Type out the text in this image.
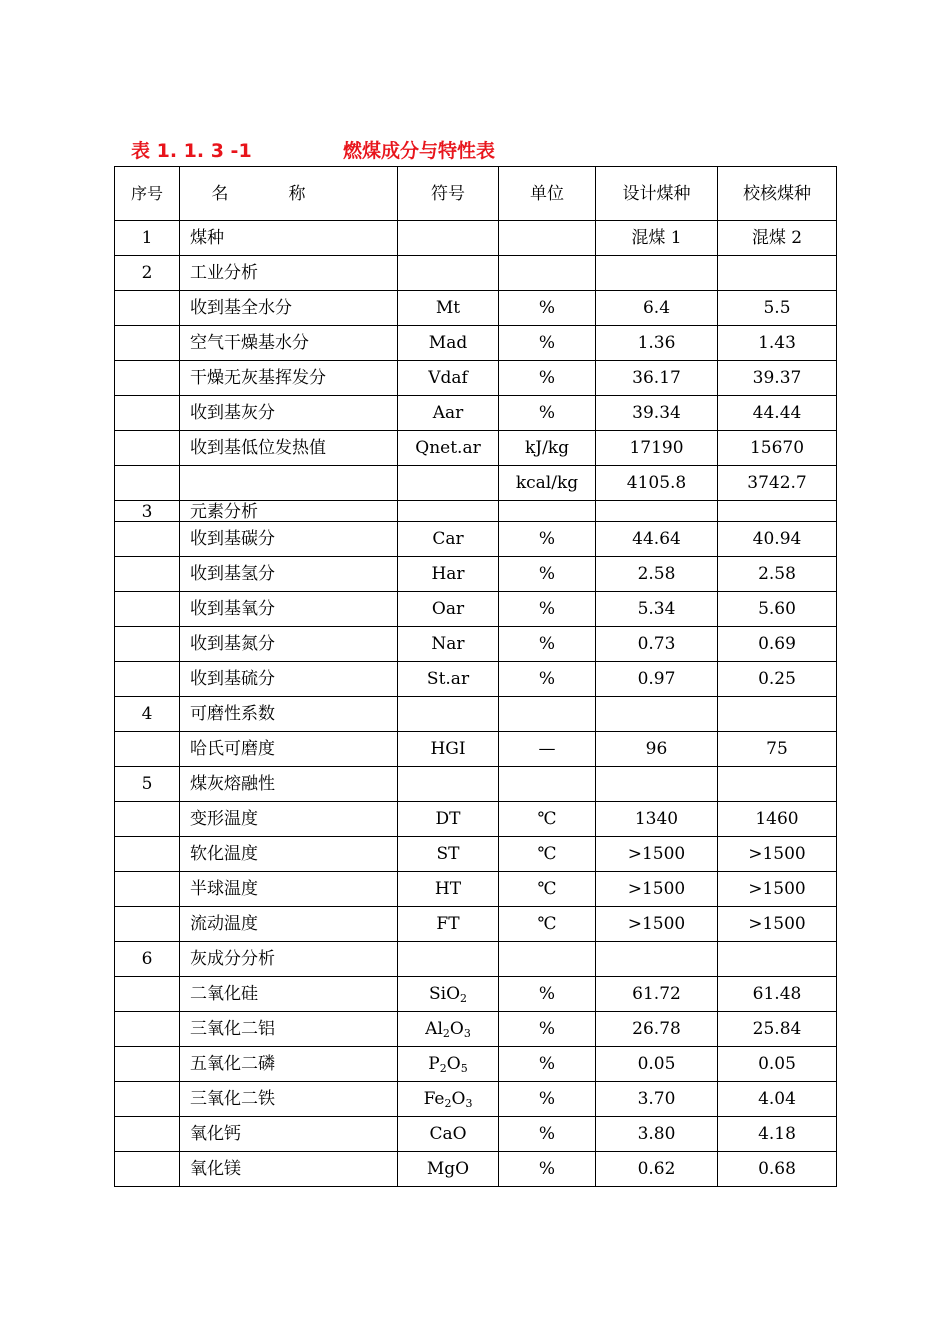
表 1. 1. 3 -1	燃煤成分与特性表
序号	名称	符号	单位	设计煤种	校核煤种
1	煤种			混煤 1	混煤 2
2	工业分析				
	收到基全水分	Mt	%	6.4	5.5
	空气干燥基水分	Mad	%	1.36	1.43
	干燥无灰基挥发分	Vdaf	%	36.17	39.37
	收到基灰分	Aar	%	39.34	44.44
	收到基低位发热值	Qnet.ar	kJ/kg	17190	15670
			kcal/kg	4105.8	3742.7
3	元素分析				
	收到基碳分	Car	%	44.64	40.94
	收到基氢分	Har	%	2.58	2.58
	收到基氧分	Oar	%	5.34	5.60
	收到基氮分	Nar	%	0.73	0.69
	收到基硫分	St.ar	%	0.97	0.25
4	可磨性系数				
	哈氏可磨度	HGI	—	96	75
5	煤灰熔融性				
	变形温度	DT	℃	1340	1460
	软化温度	ST	℃	>1500	>1500
	半球温度	HT	℃	>1500	>1500
	流动温度	FT	℃	>1500	>1500
6	灰成分分析				
	二氧化硅	SiO$_2$	%	61.72	61.48
	三氧化二铝	$Al_2O_3$	%	26.78	25.84
	五氧化二磷	$P_2O_5$	%	0.05	0.05
	三氧化二铁	$Fe_2O_3$	%	3.70	4.04
	氧化钙	CaO	%	3.80	4.18
	氧化镁	MgO	%	0.62	0.68
